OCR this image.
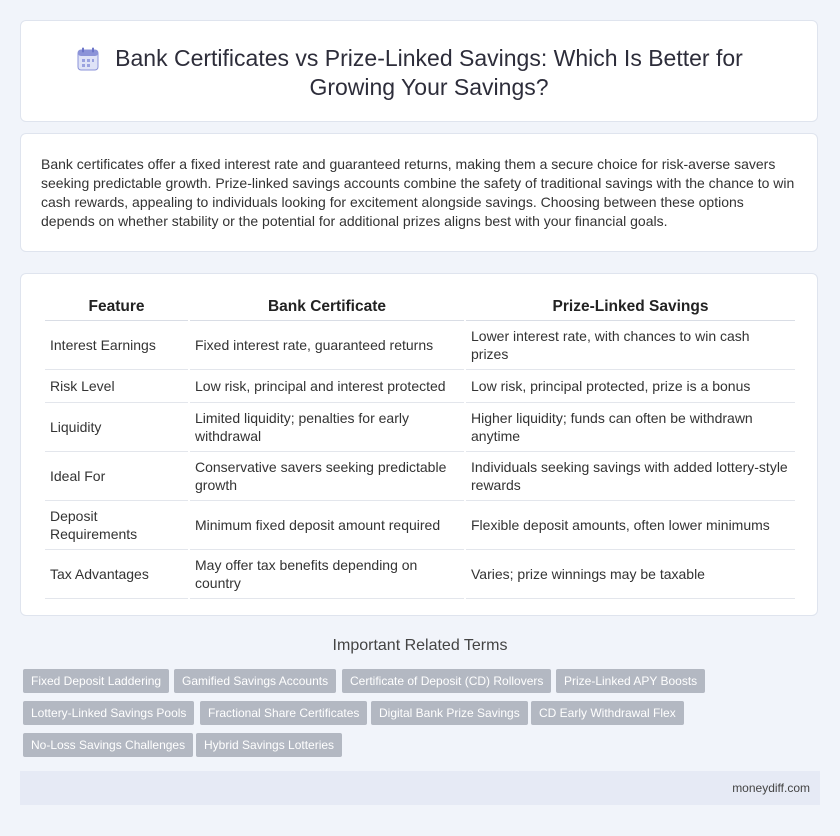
Bank Certificates vs Prize-Linked Savings: Which Is Better for Growing Your Savings?

Bank certificates offer a fixed interest rate and guaranteed returns, making them a secure choice for risk-averse savers seeking predictable growth. Prize-linked savings accounts combine the safety of traditional savings with the chance to win cash rewards, appealing to individuals looking for excitement alongside savings. Choosing between these options depends on whether stability or the potential for additional prizes aligns best with your financial goals.

Feature	Bank Certificate	Prize-Linked Savings
Interest Earnings	Fixed interest rate, guaranteed returns	Lower interest rate, with chances to win cash prizes
Risk Level	Low risk, principal and interest protected	Low risk, principal protected, prize is a bonus
Liquidity	Limited liquidity; penalties for early withdrawal	Higher liquidity; funds can often be withdrawn anytime
Ideal For	Conservative savers seeking predictable growth	Individuals seeking savings with added lottery-style rewards
Deposit Requirements	Minimum fixed deposit amount required	Flexible deposit amounts, often lower minimums
Tax Advantages	May offer tax benefits depending on country	Varies; prize winnings may be taxable
Important Related Terms
Fixed Deposit Laddering	Gamified Savings Accounts	Certificate of Deposit (CD) Rollovers	Prize-Linked APY Boosts
Lottery-Linked Savings Pools	Fractional Share Certificates	Digital Bank Prize Savings	CD Early Withdrawal Flex
No-Loss Savings Challenges	Hybrid Savings Lotteries
moneydiff.com
